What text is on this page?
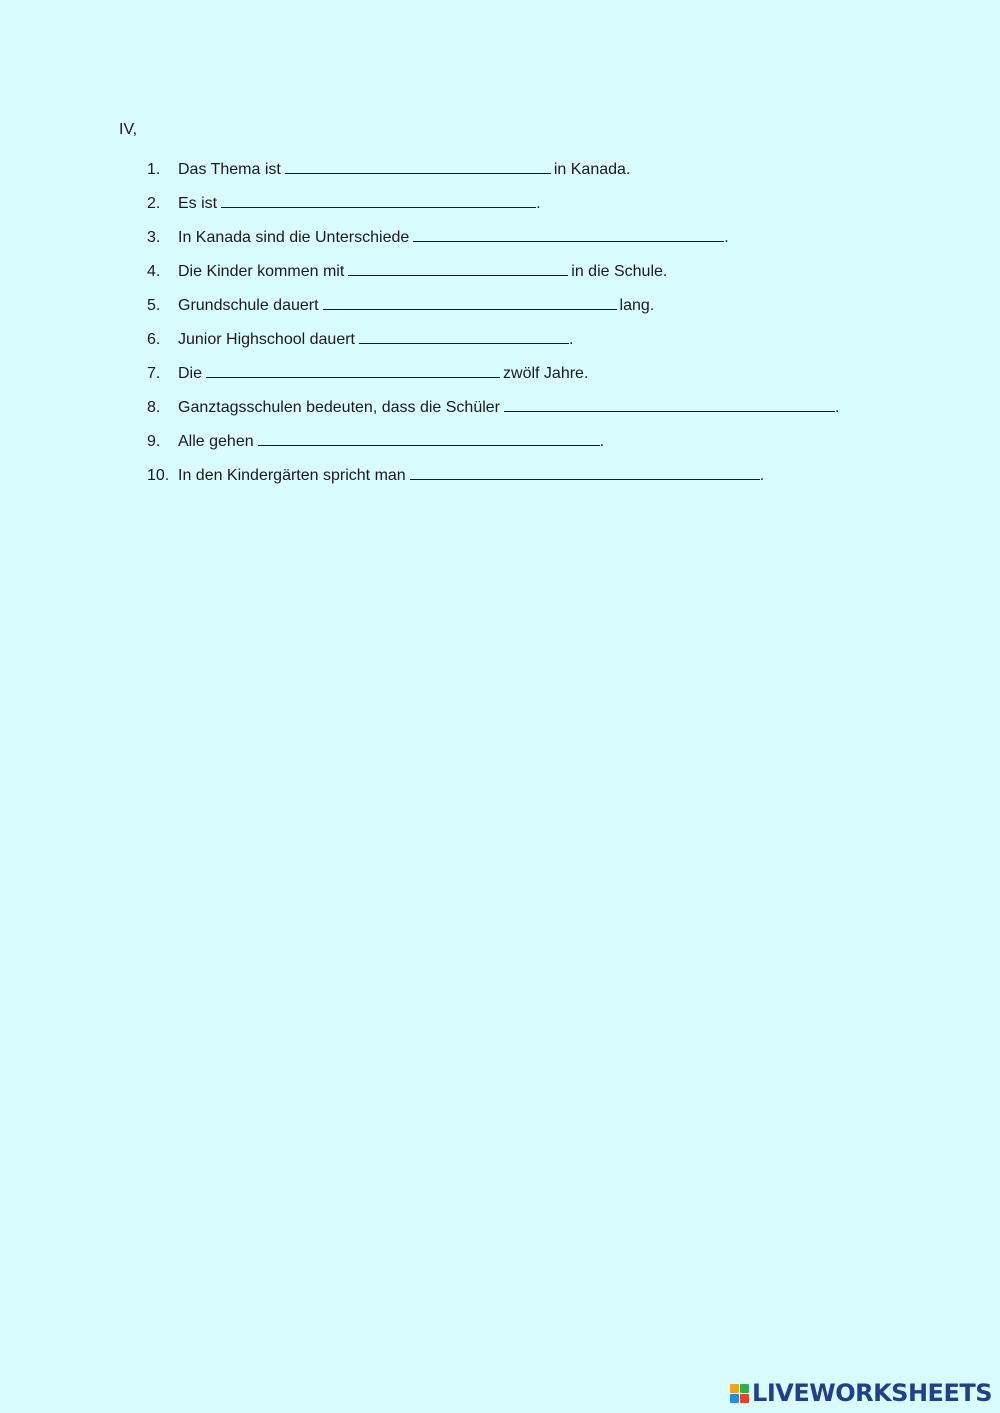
IV,
1. Das Thema ist	in Kanada.
2. Es ist	.
3. In Kanada sind die Unterschiede	.
4. Die Kinder kommen mit	in die Schule.
5. Grundschule dauert	lang.
6. Junior Highschool dauert	.
7. Die	zwölf Jahre.
8. Ganztagsschulen bedeuten, dass die Schüler	.
9. Alle gehen	.
10. In den Kindergärten spricht man	.
LIVEWORKSHEETS
